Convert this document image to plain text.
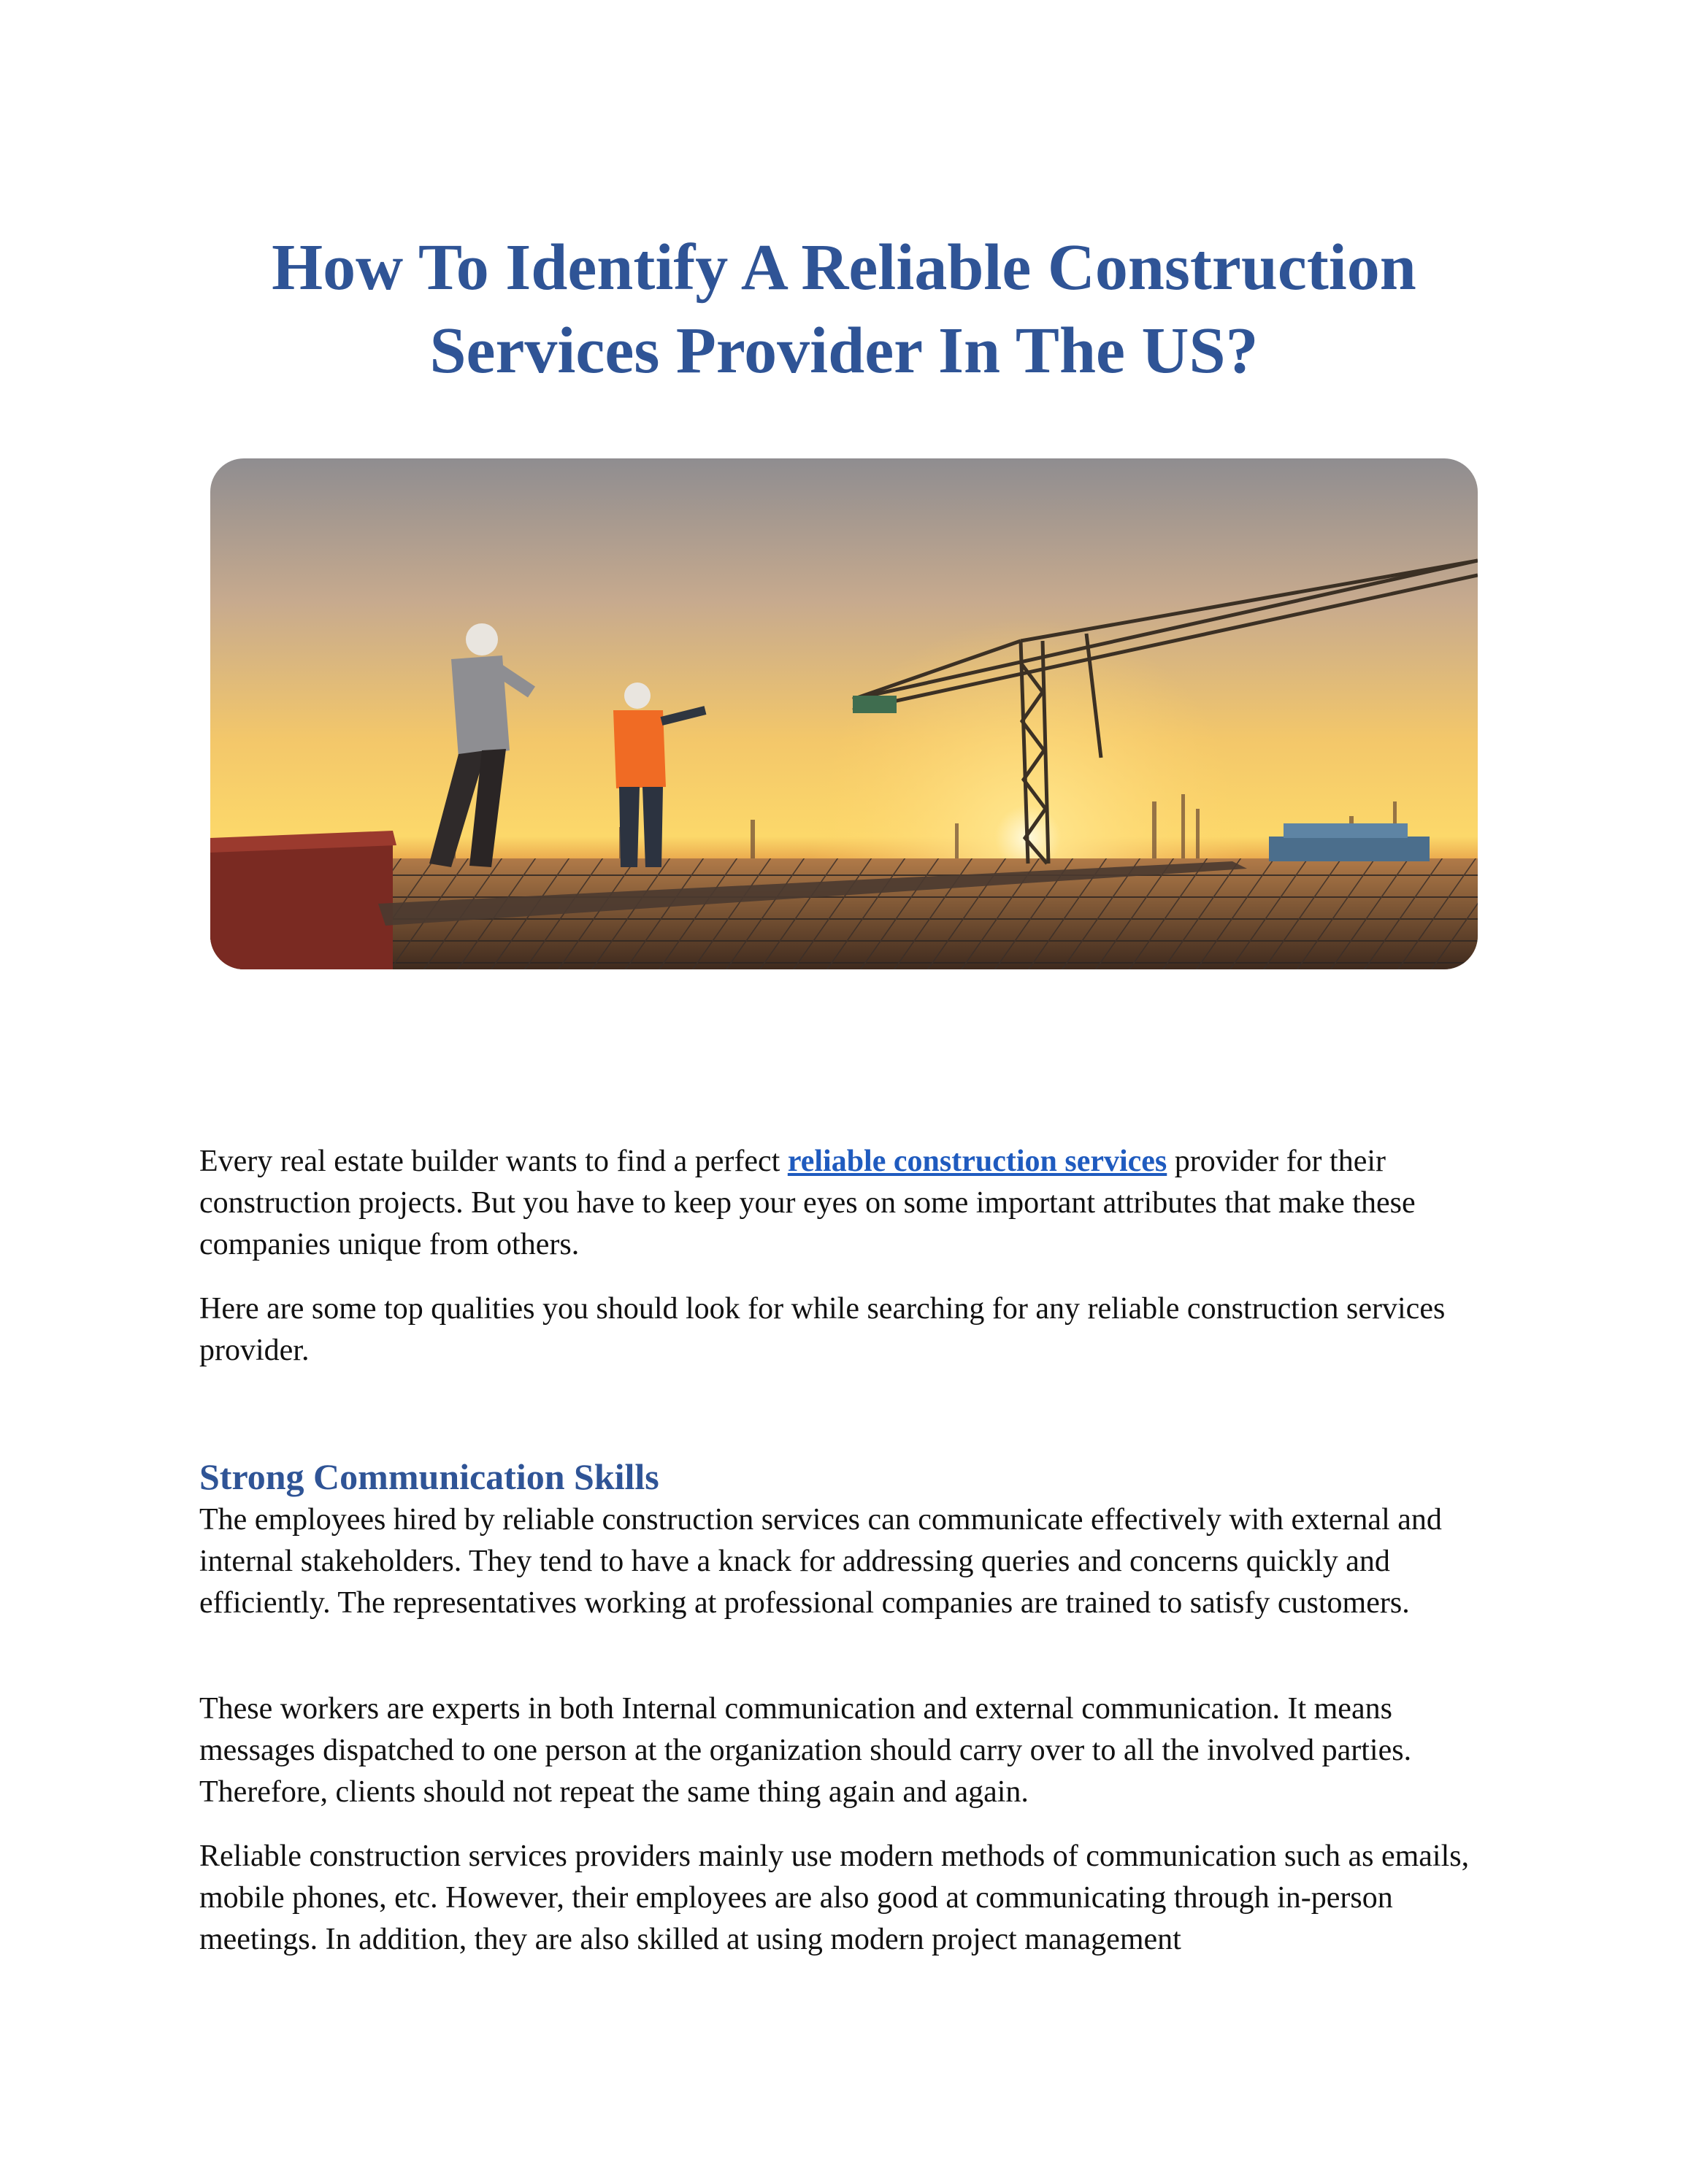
How To Identify A Reliable Construction
Services Provider In The US?

Every real estate builder wants to find a perfect reliable construction services provider for their construction projects. But you have to keep your eyes on some important attributes that make these companies unique from others.

Here are some top qualities you should look for while searching for any reliable construction services provider.

Strong Communication Skills

The employees hired by reliable construction services can communicate effectively with external and internal stakeholders. They tend to have a knack for addressing queries and concerns quickly and efficiently. The representatives working at professional companies are trained to satisfy customers.

These workers are experts in both Internal communication and external communication. It means messages dispatched to one person at the organization should carry over to all the involved parties. Therefore, clients should not repeat the same thing again and again.

Reliable construction services providers mainly use modern methods of communication such as emails, mobile phones, etc. However, their employees are also good at communicating through in-person meetings. In addition, they are also skilled at using modern project management
